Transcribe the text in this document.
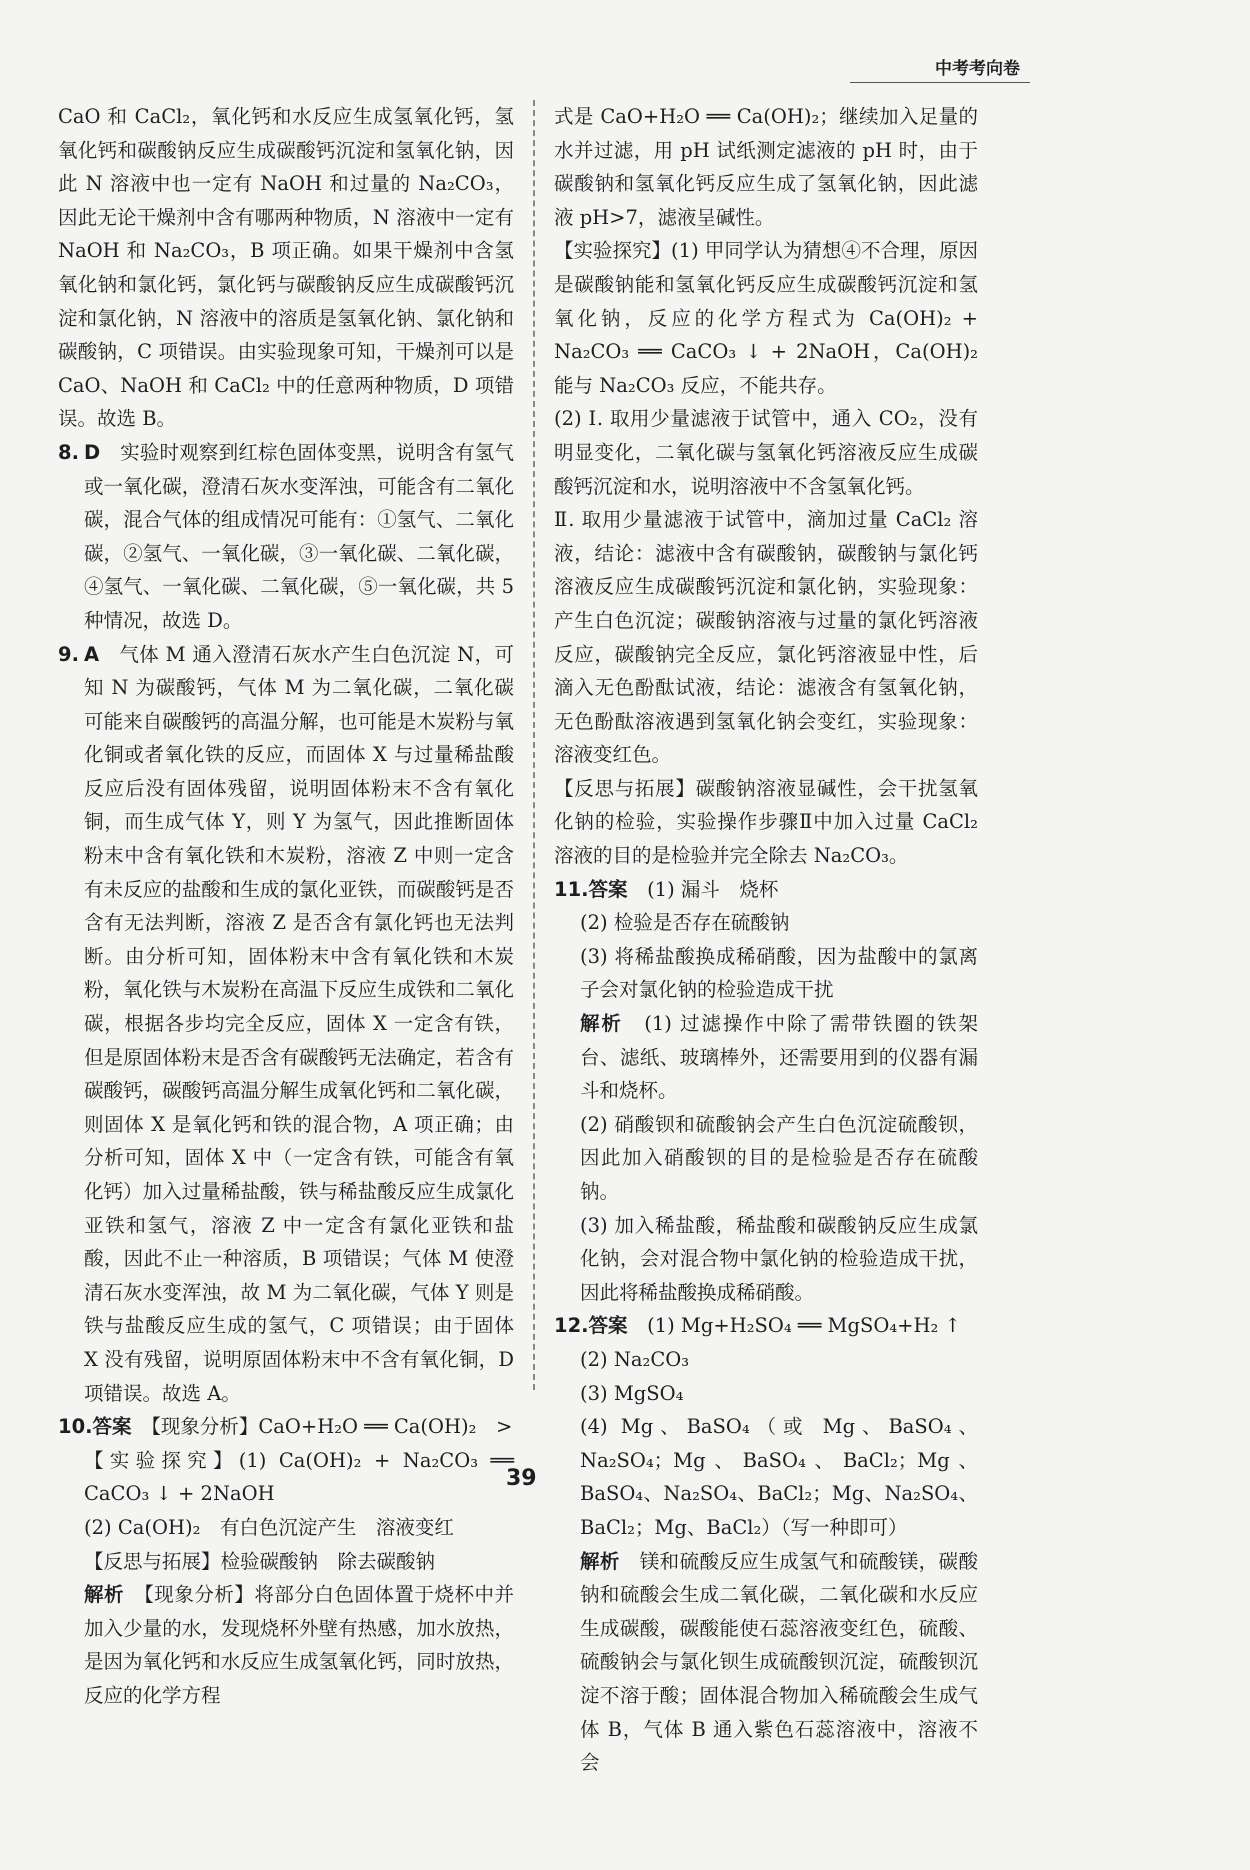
中考考向卷

CaO 和 CaCl₂，氧化钙和水反应生成氢氧化钙，氢氧化钙和碳酸钠反应生成碳酸钙沉淀和氢氧化钠，因此 N 溶液中也一定有 NaOH 和过量的 Na₂CO₃，因此无论干燥剂中含有哪两种物质，N 溶液中一定有 NaOH 和 Na₂CO₃，B 项正确。如果干燥剂中含氢氧化钠和氯化钙，氯化钙与碳酸钠反应生成碳酸钙沉淀和氯化钠，N 溶液中的溶质是氢氧化钠、氯化钠和碳酸钠，C 项错误。由实验现象可知，干燥剂可以是 CaO、NaOH 和 CaCl₂ 中的任意两种物质，D 项错误。故选 B。

8. D　 实验时观察到红棕色固体变黑，说明含有氢气或一氧化碳，澄清石灰水变浑浊，可能含有二氧化碳，混合气体的组成情况可能有：①氢气、二氧化碳，②氢气、一氧化碳，③一氧化碳、二氧化碳，④氢气、一氧化碳、二氧化碳，⑤一氧化碳，共 5 种情况，故选 D。

9. A　 气体 M 通入澄清石灰水产生白色沉淀 N，可知 N 为碳酸钙，气体 M 为二氧化碳，二氧化碳可能来自碳酸钙的高温分解，也可能是木炭粉与氧化铜或者氧化铁的反应，而固体 X 与过量稀盐酸反应后没有固体残留，说明固体粉末不含有氧化铜，而生成气体 Y，则 Y 为氢气，因此推断固体粉末中含有氧化铁和木炭粉，溶液 Z 中则一定含有未反应的盐酸和生成的氯化亚铁，而碳酸钙是否含有无法判断，溶液 Z 是否含有氯化钙也无法判断。由分析可知，固体粉末中含有氧化铁和木炭粉，氧化铁与木炭粉在高温下反应生成铁和二氧化碳，根据各步均完全反应，固体 X 一定含有铁，但是原固体粉末是否含有碳酸钙无法确定，若含有碳酸钙，碳酸钙高温分解生成氧化钙和二氧化碳，则固体 X 是氧化钙和铁的混合物，A 项正确；由分析可知，固体 X 中（一定含有铁，可能含有氧化钙）加入过量稀盐酸，铁与稀盐酸反应生成氯化亚铁和氢气，溶液 Z 中一定含有氯化亚铁和盐酸，因此不止一种溶质，B 项错误；气体 M 使澄清石灰水变浑浊，故 M 为二氧化碳，气体 Y 则是铁与盐酸反应生成的氢气，C 项错误；由于固体 X 没有残留，说明原固体粉末中不含有氧化铜，D 项错误。故选 A。

10.答案　 【现象分析】CaO+H₂O ══ Ca(OH)₂　>

【实验探究】(1) Ca(OH)₂ + Na₂CO₃ ══ CaCO₃ ↓ + 2NaOH

(2) Ca(OH)₂　有白色沉淀产生　溶液变红

【反思与拓展】检验碳酸钠　除去碳酸钠

解析　 【现象分析】将部分白色固体置于烧杯中并加入少量的水，发现烧杯外壁有热感，加水放热，是因为氧化钙和水反应生成氢氧化钙，同时放热，反应的化学方程

式是 CaO+H₂O ══ Ca(OH)₂；继续加入足量的水并过滤，用 pH 试纸测定滤液的 pH 时，由于碳酸钠和氢氧化钙反应生成了氢氧化钠，因此滤液 pH>7，滤液呈碱性。

【实验探究】(1) 甲同学认为猜想④不合理，原因是碳酸钠能和氢氧化钙反应生成碳酸钙沉淀和氢氧化钠，反应的化学方程式为 Ca(OH)₂ + Na₂CO₃ ══ CaCO₃ ↓ + 2NaOH，Ca(OH)₂ 能与 Na₂CO₃ 反应，不能共存。

(2) Ⅰ. 取用少量滤液于试管中，通入 CO₂，没有明显变化，二氧化碳与氢氧化钙溶液反应生成碳酸钙沉淀和水，说明溶液中不含氢氧化钙。

Ⅱ. 取用少量滤液于试管中，滴加过量 CaCl₂ 溶液，结论：滤液中含有碳酸钠，碳酸钠与氯化钙溶液反应生成碳酸钙沉淀和氯化钠，实验现象：产生白色沉淀；碳酸钠溶液与过量的氯化钙溶液反应，碳酸钠完全反应，氯化钙溶液显中性，后滴入无色酚酞试液，结论：滤液含有氢氧化钠，无色酚酞溶液遇到氢氧化钠会变红，实验现象：溶液变红色。

【反思与拓展】碳酸钠溶液显碱性，会干扰氢氧化钠的检验，实验操作步骤Ⅱ中加入过量 CaCl₂ 溶液的目的是检验并完全除去 Na₂CO₃。

11.答案　 (1) 漏斗　烧杯

(2) 检验是否存在硫酸钠

(3) 将稀盐酸换成稀硝酸，因为盐酸中的氯离子会对氯化钠的检验造成干扰

解析　 (1) 过滤操作中除了需带铁圈的铁架台、滤纸、玻璃棒外，还需要用到的仪器有漏斗和烧杯。

(2) 硝酸钡和硫酸钠会产生白色沉淀硫酸钡，因此加入硝酸钡的目的是检验是否存在硫酸钠。

(3) 加入稀盐酸，稀盐酸和碳酸钠反应生成氯化钠，会对混合物中氯化钠的检验造成干扰，因此将稀盐酸换成稀硝酸。

12.答案　 (1) Mg+H₂SO₄ ══ MgSO₄+H₂ ↑

(2) Na₂CO₃

(3) MgSO₄

(4) Mg、BaSO₄（或 Mg、BaSO₄、Na₂SO₄；Mg、BaSO₄、BaCl₂；Mg、BaSO₄、Na₂SO₄、BaCl₂；Mg、Na₂SO₄、BaCl₂；Mg、BaCl₂）（写一种即可）

解析　 镁和硫酸反应生成氢气和硫酸镁，碳酸钠和硫酸会生成二氧化碳，二氧化碳和水反应生成碳酸，碳酸能使石蕊溶液变红色，硫酸、硫酸钠会与氯化钡生成硫酸钡沉淀，硫酸钡沉淀不溶于酸；固体混合物加入稀硫酸会生成气体 B，气体 B 通入紫色石蕊溶液中，溶液不会

39
